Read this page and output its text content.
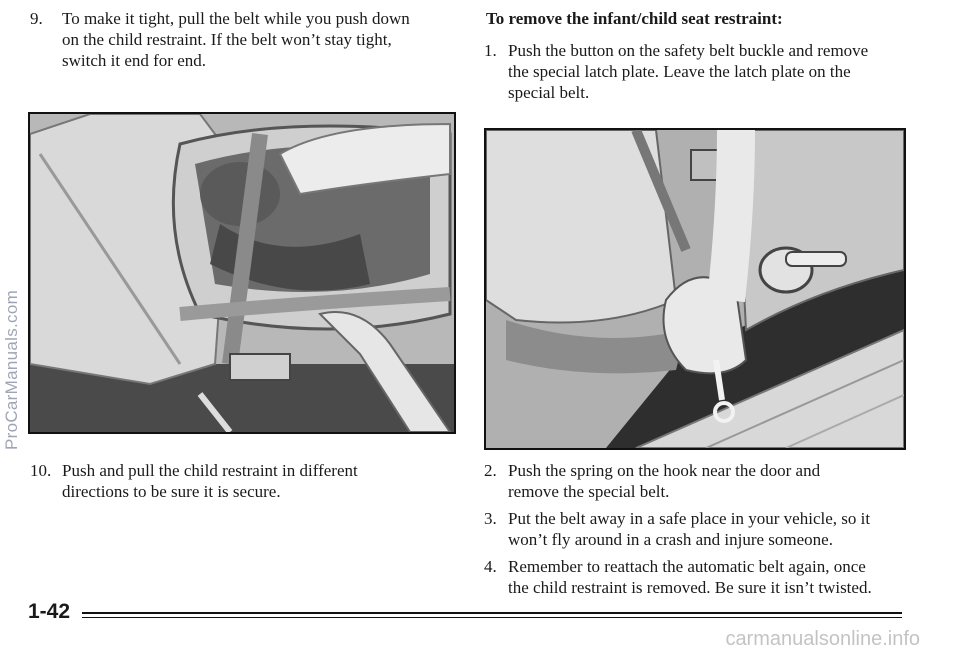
9. To make it tight, pull the belt while you push down
on the child restraint. If the belt won’t stay tight,
switch it end for end.
10. Push and pull the child restraint in different
directions to be sure it is secure.
To remove the infant/child seat restraint:
1. Push the button on the safety belt buckle and remove
the special latch plate. Leave the latch plate on the
special belt.
2. Push the spring on the hook near the door and
remove the special belt.
3. Put the belt away in a safe place in your vehicle, so it
won’t fly around in a crash and injure someone.
4. Remember to reattach the automatic belt again, once
the child restraint is removed. Be sure it isn’t twisted.
1-42
ProCarManuals.com
carmanualsonline.info
